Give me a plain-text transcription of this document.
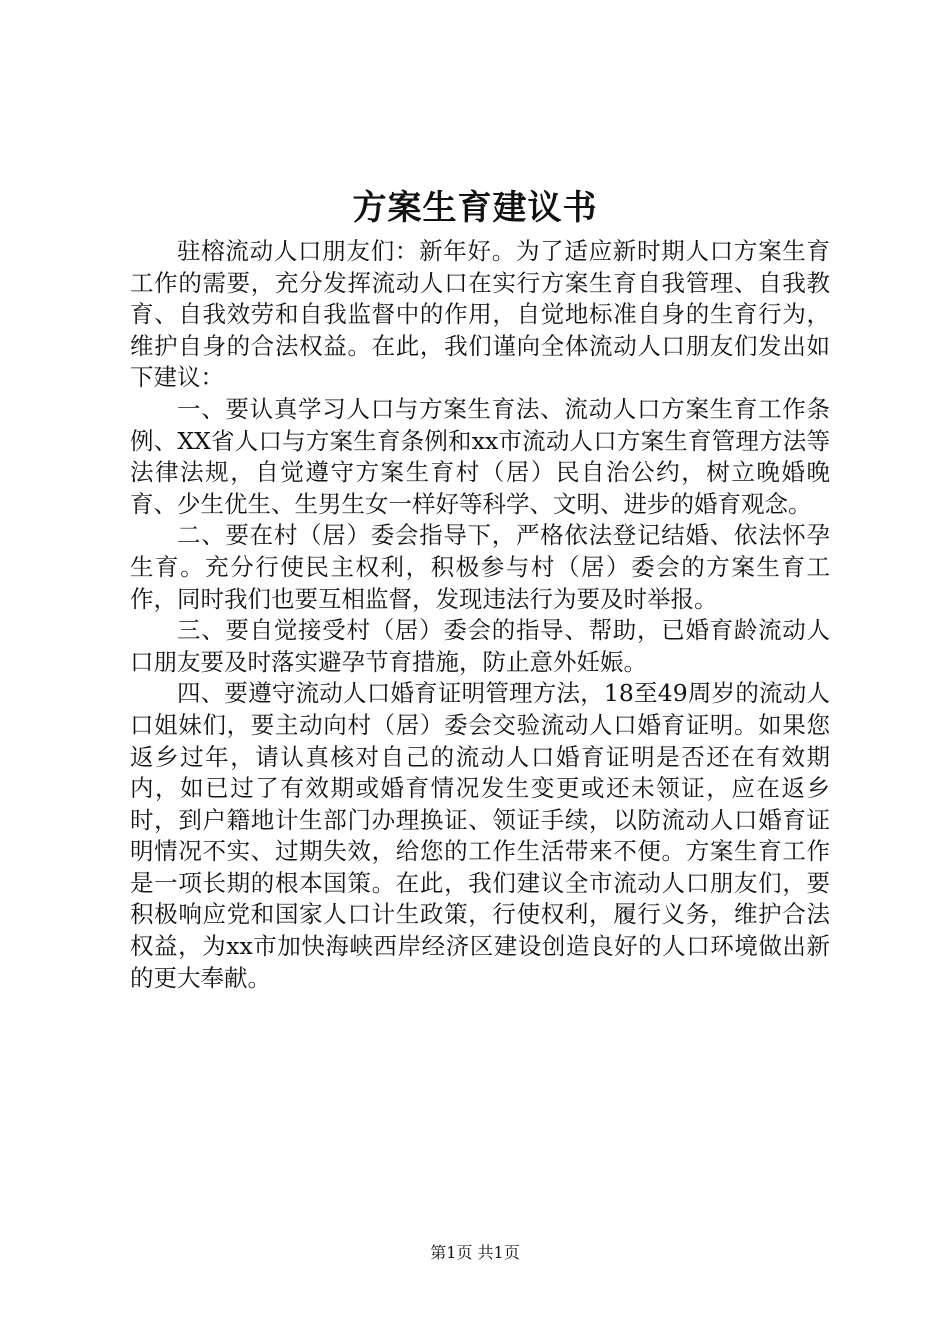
方案生育建议书

驻榕流动人口朋友们：新年好。为了适应新时期人口方案生育工作的需要，充分发挥流动人口在实行方案生育自我管理、自我教育、自我效劳和自我监督中的作用，自觉地标准自身的生育行为，维护自身的合法权益。在此，我们谨向全体流动人口朋友们发出如下建议：

一、要认真学习人口与方案生育法、流动人口方案生育工作条例、XX省人口与方案生育条例和xx市流动人口方案生育管理方法等法律法规，自觉遵守方案生育村（居）民自治公约，树立晚婚晚育、少生优生、生男生女一样好等科学、文明、进步的婚育观念。

二、要在村（居）委会指导下，严格依法登记结婚、依法怀孕生育。充分行使民主权利，积极参与村（居）委会的方案生育工作，同时我们也要互相监督，发现违法行为要及时举报。

三、要自觉接受村（居）委会的指导、帮助，已婚育龄流动人口朋友要及时落实避孕节育措施，防止意外妊娠。

四、要遵守流动人口婚育证明管理方法，18至49周岁的流动人口姐妹们，要主动向村（居）委会交验流动人口婚育证明。如果您返乡过年，请认真核对自己的流动人口婚育证明是否还在有效期内，如已过了有效期或婚育情况发生变更或还未领证，应在返乡时，到户籍地计生部门办理换证、领证手续，以防流动人口婚育证明情况不实、过期失效，给您的工作生活带来不便。方案生育工作是一项长期的根本国策。在此，我们建议全市流动人口朋友们，要积极响应党和国家人口计生政策，行使权利，履行义务，维护合法权益，为xx市加快海峡西岸经济区建设创造良好的人口环境做出新的更大奉献。

第1页 共1页
